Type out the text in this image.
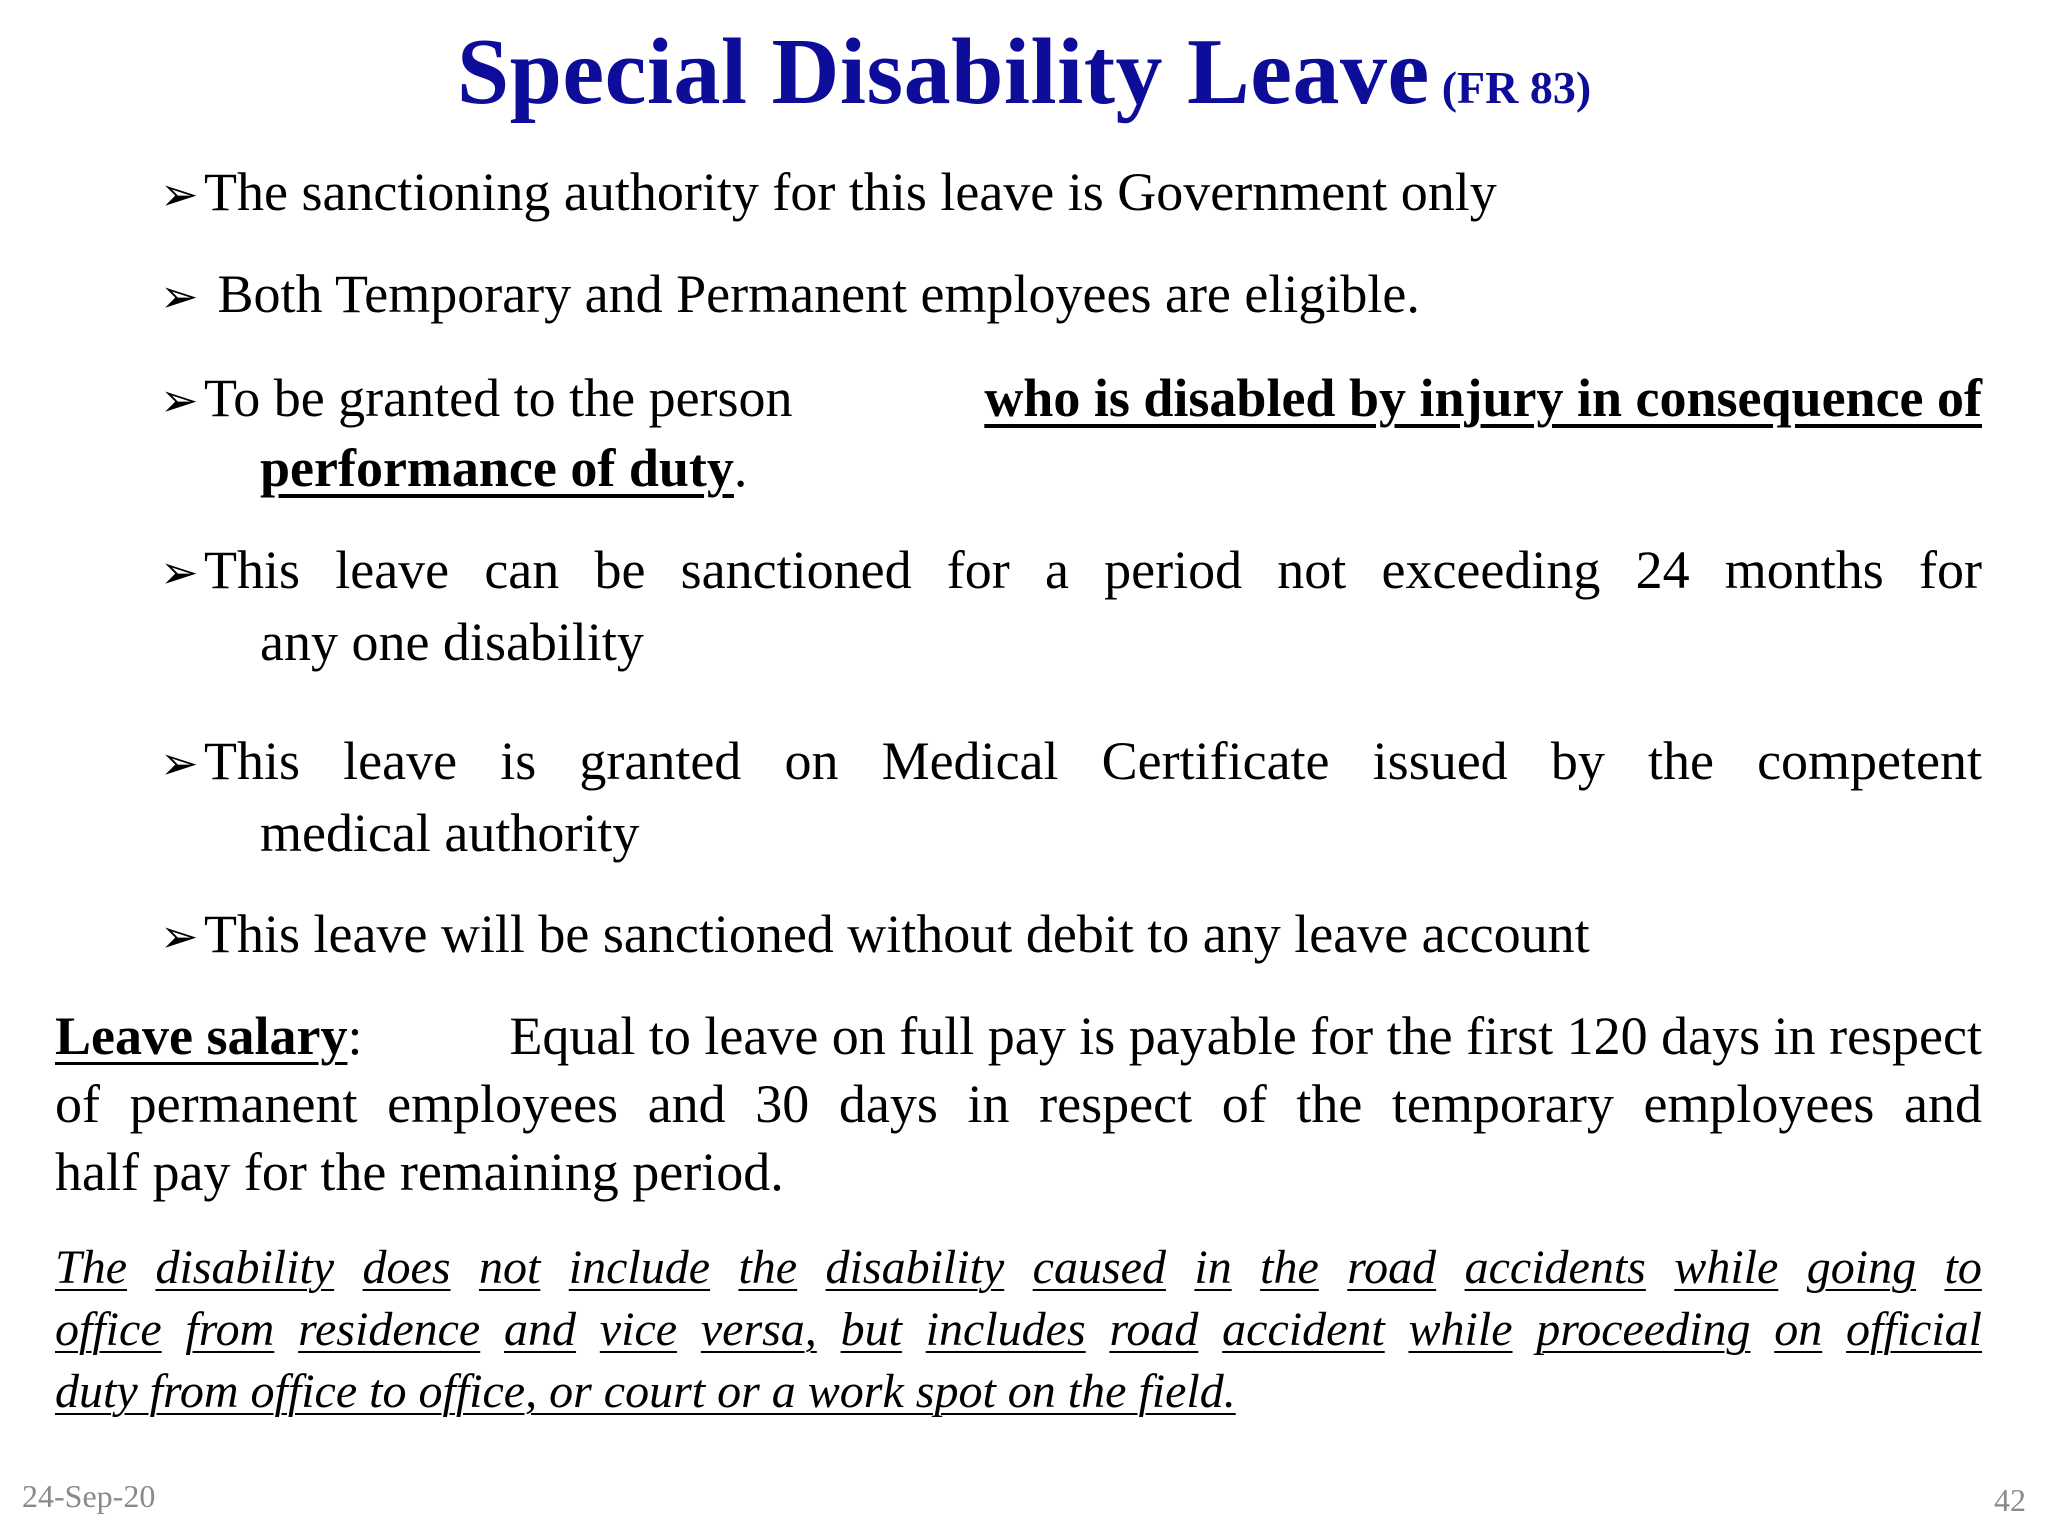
Special Disability Leave (FR 83)
➢ The sanctioning authority for this leave is Government only
➢ Both Temporary and Permanent employees are eligible.
➢ To be granted to the person	who is disabled by injury in consequence of
performance of duty.
➢ This leave can be sanctioned for a period not exceeding 24 months for
any one disability
➢ This leave is granted on Medical Certificate issued by the competent
medical authority
➢ This leave will be sanctioned without debit to any leave account
Leave salary:	Equal to leave on full pay is payable for the first 120 days in respect
of permanent employees and 30 days in respect of the temporary employees and
half pay for the remaining period.
The disability does not include the disability caused in the road accidents while going to
office from residence and vice versa, but includes road accident while proceeding on official
duty from office to office, or court or a work spot on the field.
24-Sep-20	42
